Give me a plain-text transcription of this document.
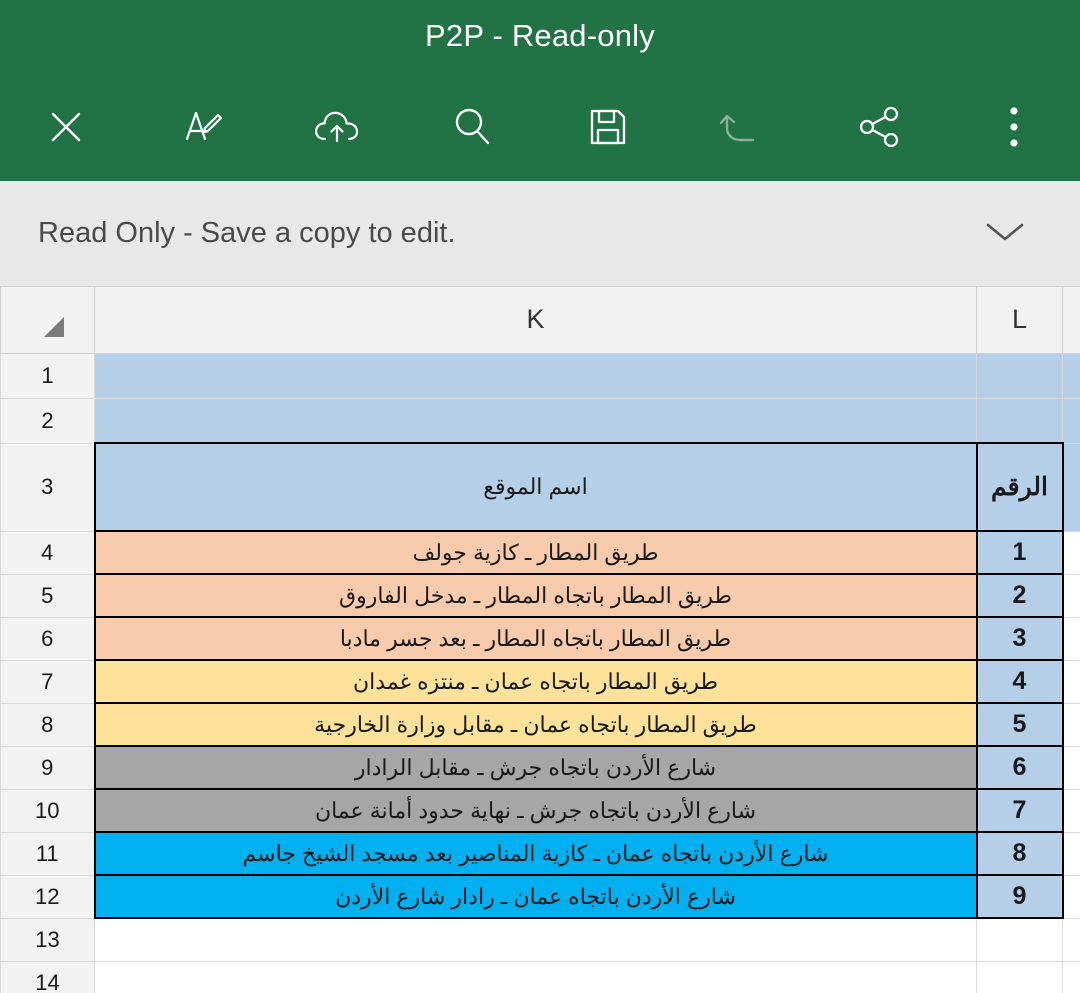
P2P - Read-only
Read Only - Save a copy to edit.
	K	L	
1			
2			
3	اسم الموقع	الرقم	
4	طريق المطار ـ كازية جولف	1	
5	طريق المطار باتجاه المطار ـ مدخل الفاروق	2	
6	طريق المطار باتجاه المطار ـ بعد جسر مادبا	3	
7	طريق المطار باتجاه عمان ـ منتزه غمدان	4	
8	طريق المطار باتجاه عمان ـ مقابل وزارة الخارجية	5	
9	شارع الأردن باتجاه جرش ـ مقابل الرادار	6	
10	شارع الأردن باتجاه جرش ـ نهاية حدود أمانة عمان	7	
11	شارع الأردن باتجاه عمان ـ كازية المناصير بعد مسجد الشيخ جاسم	8	
12	شارع الأردن باتجاه عمان ـ رادار شارع الأردن	9	
13			
14			
